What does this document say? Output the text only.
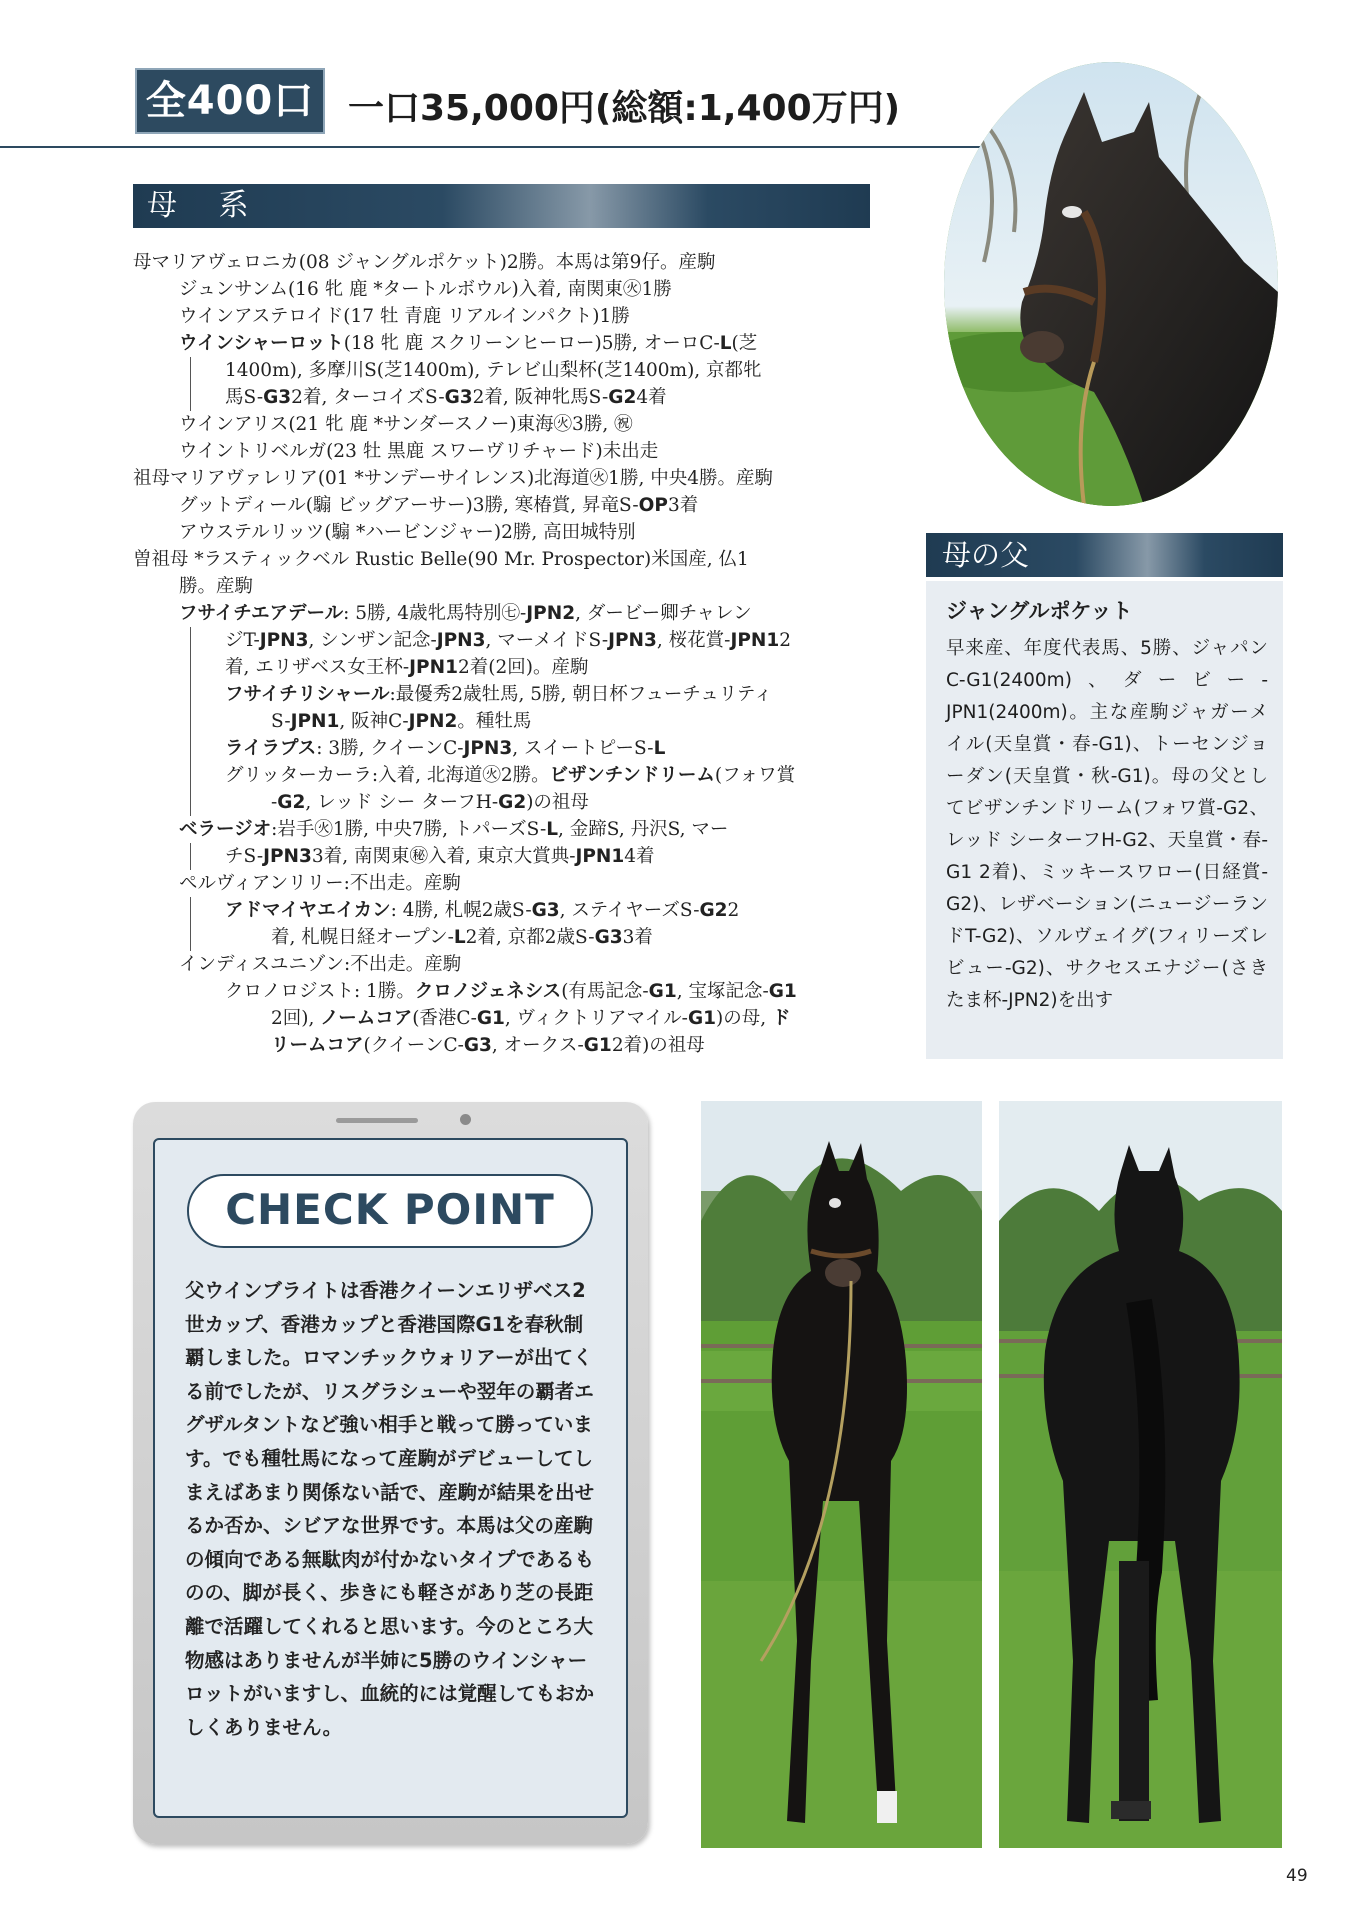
全400口 一口35,000円(総額:1,400万円)
母 系
母マリアヴェロニカ(08 ジャングルポケット)2勝。本馬は第9仔。産駒
ジュンサンム(16 牝 鹿 *タートルボウル)入着, 南関東㊋1勝
ウインアステロイド(17 牡 青鹿 リアルインパクト)1勝
ウインシャーロット(18 牝 鹿 スクリーンヒーロー)5勝, オーロC-L(芝
1400m), 多摩川S(芝1400m), テレビ山梨杯(芝1400m), 京都牝
馬S-G32着, ターコイズS-G32着, 阪神牝馬S-G24着
ウインアリス(21 牝 鹿 *サンダースノー)東海㊋3勝, ㊗
ウイントリベルガ(23 牡 黒鹿 スワーヴリチャード)未出走
祖母マリアヴァレリア(01 *サンデーサイレンス)北海道㊋1勝, 中央4勝。産駒
グットディール(騸 ビッグアーサー)3勝, 寒椿賞, 昇竜S-OP3着
アウステルリッツ(騸 *ハービンジャー)2勝, 高田城特別
曽祖母 *ラスティックベル Rustic Belle(90 Mr. Prospector)米国産, 仏1
勝。産駒
フサイチエアデール: 5勝, 4歳牝馬特別㊆-JPN2, ダービー卿チャレン
ジT-JPN3, シンザン記念-JPN3, マーメイドS-JPN3, 桜花賞-JPN12
着, エリザベス女王杯-JPN12着(2回)。産駒
フサイチリシャール:最優秀2歳牡馬, 5勝, 朝日杯フューチュリティ
S-JPN1, 阪神C-JPN2。種牡馬
ライラプス: 3勝, クイーンC-JPN3, スイートピーS-L
グリッターカーラ:入着, 北海道㊋2勝。ビザンチンドリーム(フォワ賞
-G2, レッド シー ターフH-G2)の祖母
ベラージオ:岩手㊋1勝, 中央7勝, トパーズS-L, 金蹄S, 丹沢S, マー
チS-JPN33着, 南関東㊙入着, 東京大賞典-JPN14着
ペルヴィアンリリー:不出走。産駒
アドマイヤエイカン: 4勝, 札幌2歳S-G3, ステイヤーズS-G22
着, 札幌日経オープン-L2着, 京都2歳S-G33着
インディスユニゾン:不出走。産駒
クロノロジスト: 1勝。クロノジェネシス(有馬記念-G1, 宝塚記念-G1
2回), ノームコア(香港C-G1, ヴィクトリアマイル-G1)の母, ド
リームコア(クイーンC-G3, オークス-G12着)の祖母
母の父
ジャングルポケット
早来産、年度代表馬、5勝、ジャパンC-G1(2400m)、ダービー-JPN1(2400m)。主な産駒ジャガーメイル(天皇賞・春-G1)、トーセンジョーダン(天皇賞・秋-G1)。母の父としてビザンチンドリーム(フォワ賞-G2、レッド シーターフH-G2、天皇賞・春-G1 2着)、ミッキースワロー(日経賞-G2)、レザベーション(ニュージーランドT-G2)、ソルヴェイグ(フィリーズレビュー-G2)、サクセスエナジー(さきたま杯-JPN2)を出す
CHECK POINT
父ウインブライトは香港クイーンエリザベス2世カップ、香港カップと香港国際G1を春秋制覇しました。ロマンチックウォリアーが出てくる前でしたが、リスグラシューや翌年の覇者エグザルタントなど強い相手と戦って勝っています。でも種牡馬になって産駒がデビューしてしまえばあまり関係ない話で、産駒が結果を出せるか否か、シビアな世界です。本馬は父の産駒の傾向である無駄肉が付かないタイプであるものの、脚が長く、歩きにも軽さがあり芝の長距離で活躍してくれると思います。今のところ大物感はありませんが半姉に5勝のウインシャーロットがいますし、血統的には覚醒してもおかしくありません。
49
